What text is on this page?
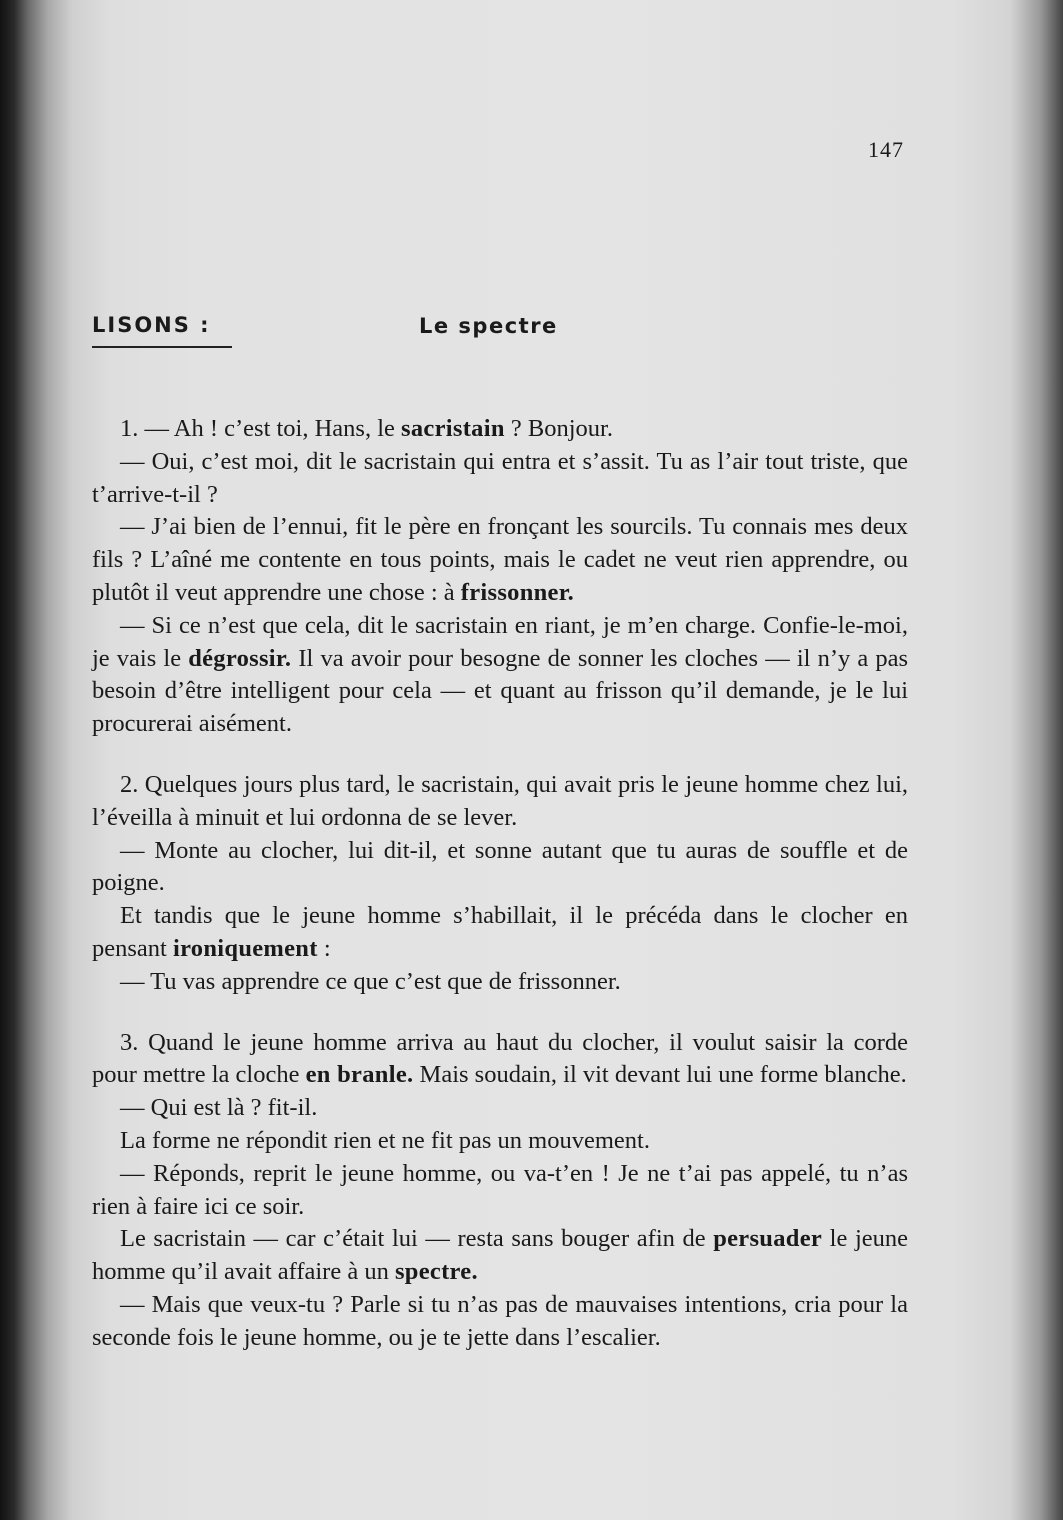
147
LISONS :	Le spectre

1. — Ah ! c’est toi, Hans, le sacristain ? Bonjour.

— Oui, c’est moi, dit le sacristain qui entra et s’assit. Tu as l’air tout triste, que t’arrive-t-il ?

— J’ai bien de l’ennui, fit le père en fronçant les sourcils. Tu connais mes deux fils ? L’aîné me contente en tous points, mais le cadet ne veut rien apprendre, ou plutôt il veut apprendre une chose : à frissonner.

— Si ce n’est que cela, dit le sacristain en riant, je m’en charge. Confie-le-moi, je vais le dégrossir. Il va avoir pour besogne de sonner les cloches — il n’y a pas besoin d’être intelligent pour cela — et quant au frisson qu’il demande, je le lui procurerai aisément.

2. Quelques jours plus tard, le sacristain, qui avait pris le jeune homme chez lui, l’éveilla à minuit et lui ordonna de se lever.

— Monte au clocher, lui dit-il, et sonne autant que tu auras de souffle et de poigne.

Et tandis que le jeune homme s’habillait, il le précéda dans le clocher en pensant ironiquement :

— Tu vas apprendre ce que c’est que de frissonner.

3. Quand le jeune homme arriva au haut du clocher, il voulut saisir la corde pour mettre la cloche en branle. Mais soudain, il vit devant lui une forme blanche.

— Qui est là ? fit-il.

La forme ne répondit rien et ne fit pas un mouvement.

— Réponds, reprit le jeune homme, ou va-t’en ! Je ne t’ai pas appelé, tu n’as rien à faire ici ce soir.

Le sacristain — car c’était lui — resta sans bouger afin de persuader le jeune homme qu’il avait affaire à un spectre.

— Mais que veux-tu ? Parle si tu n’as pas de mauvaises intentions, cria pour la seconde fois le jeune homme, ou je te jette dans l’escalier.
